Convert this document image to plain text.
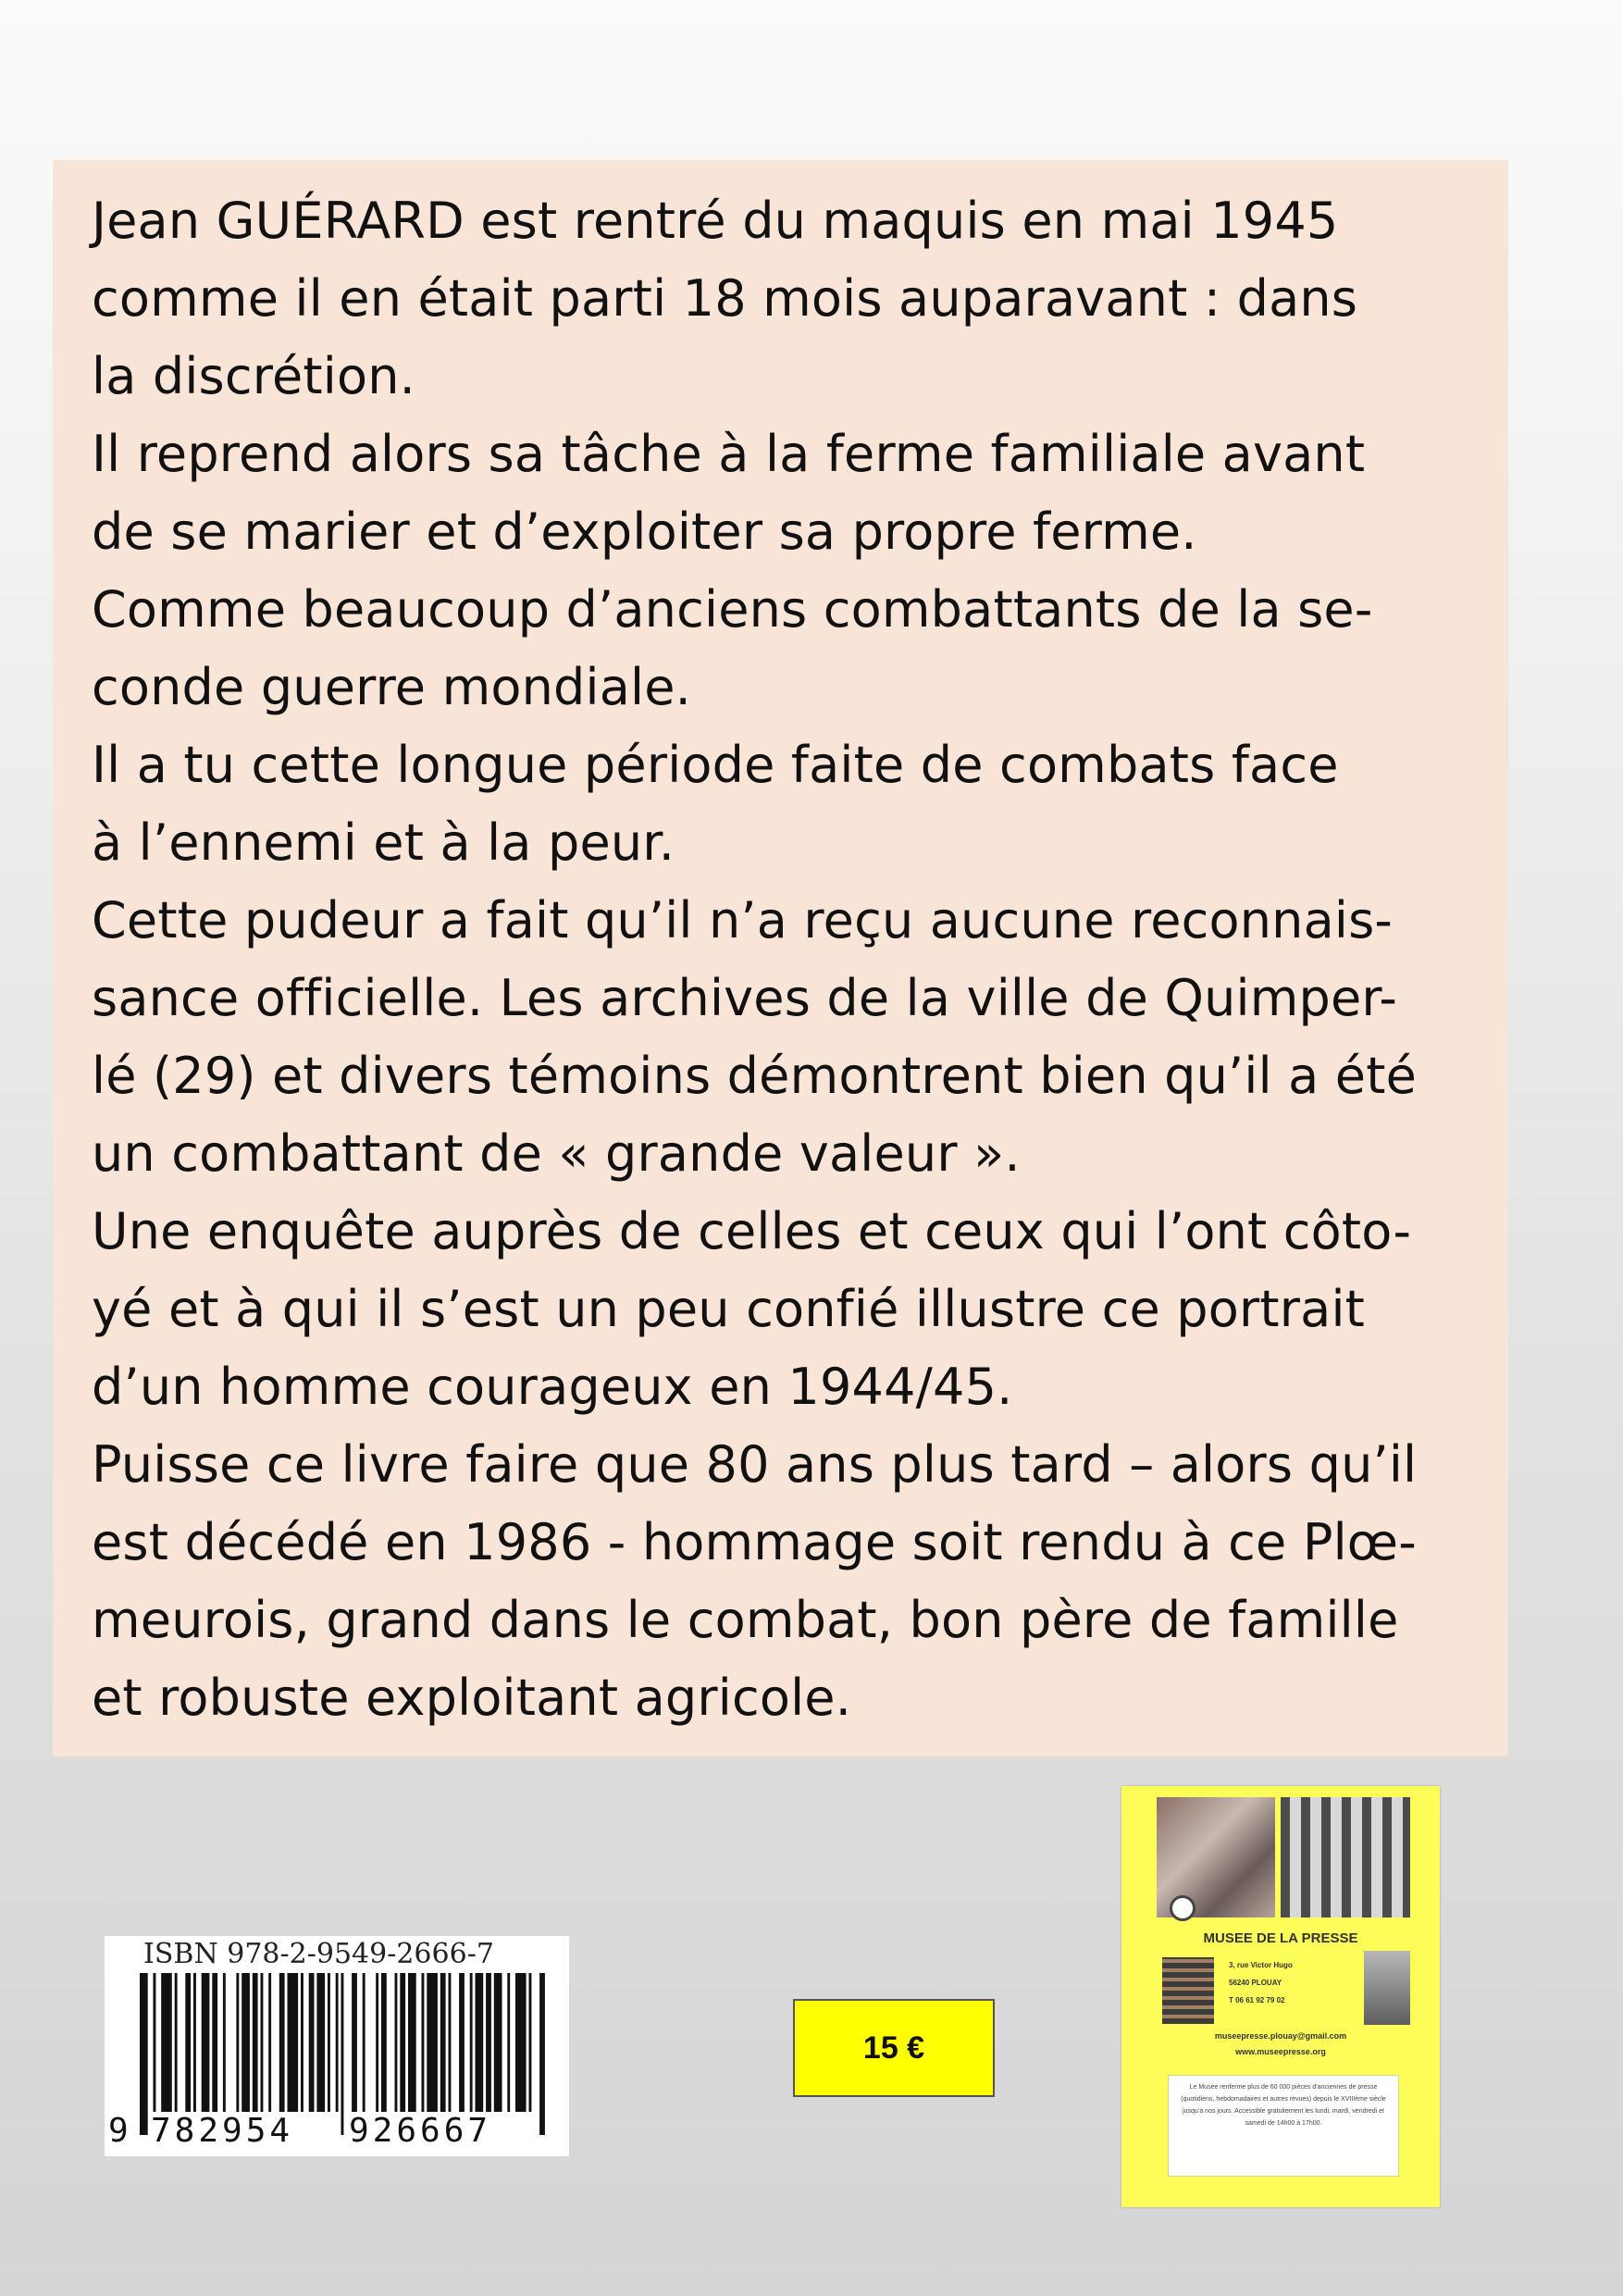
Jean GUÉRARD est rentré du maquis en mai 1945
comme il en était parti 18 mois auparavant : dans
la discrétion.
Il reprend alors sa tâche à la ferme familiale avant
de se marier et d’exploiter sa propre ferme.
Comme beaucoup d’anciens combattants de la se-
conde guerre mondiale.
Il a tu cette longue période faite de combats face
à l’ennemi et à la peur.
Cette pudeur a fait qu’il n’a reçu aucune reconnais-
sance officielle. Les archives de la ville de Quimper-
lé (29) et divers témoins démontrent bien qu’il a été
un combattant de « grande valeur ».
Une enquête auprès de celles et ceux qui l’ont côto-
yé et à qui il s’est un peu confié illustre ce portrait
d’un homme courageux en 1944/45.
Puisse ce livre faire que 80 ans plus tard – alors qu’il
est décédé en 1986 - hommage soit rendu à ce Plœ-
meurois, grand dans le combat, bon père de famille
et robuste exploitant agricole.

ISBN 978-2-9549-2666-7
9 782954 926667
15 €
MUSEE DE LA PRESSE
3, rue Victor Hugo
56240 PLOUAY
T 06 61 92 79 02
museepresse.plouay@gmail.com
www.museepresse.org
Le Musée renferme plus de 60 000 pièces d’anciennes de presse (quotidiens, hebdomadaires et autres revues) depuis le XVIIIème siècle jusqu’à nos jours. Accessible gratuitement les lundi, mardi, vendredi et samedi de 14h00 à 17h00.
